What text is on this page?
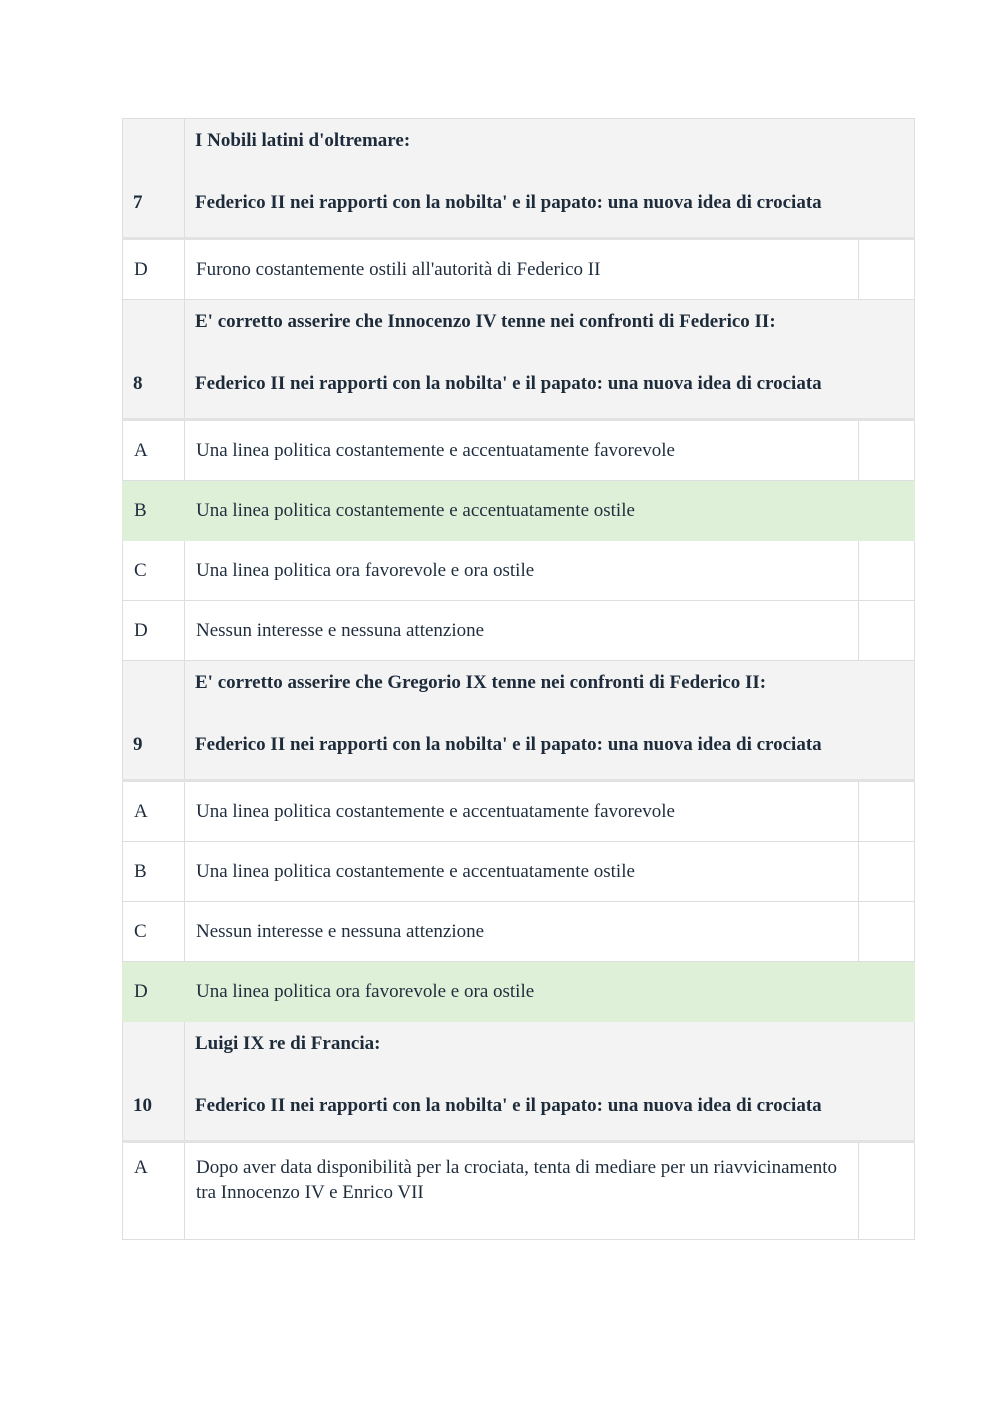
7	I Nobili latini d'oltremare:
Federico II nei rapporti con la nobilta' e il papato: una nuova idea di crociata	

D	Furono costantemente ostili all'autorità di Federico II	
8	E' corretto asserire che Innocenzo IV tenne nei confronti di Federico II:
Federico II nei rapporti con la nobilta' e il papato: una nuova idea di crociata	

A	Una linea politica costantemente e accentuatamente favorevole	
B	Una linea politica costantemente e accentuatamente ostile	
C	Una linea politica ora favorevole e ora ostile	
D	Nessun interesse e nessuna attenzione	
9	E' corretto asserire che Gregorio IX tenne nei confronti di Federico II:
Federico II nei rapporti con la nobilta' e il papato: una nuova idea di crociata	

A	Una linea politica costantemente e accentuatamente favorevole	
B	Una linea politica costantemente e accentuatamente ostile	
C	Nessun interesse e nessuna attenzione	
D	Una linea politica ora favorevole e ora ostile	
10	Luigi IX re di Francia:
Federico II nei rapporti con la nobilta' e il papato: una nuova idea di crociata	

A	Dopo aver data disponibilità per la crociata, tenta di mediare per un riavvicinamento tra Innocenzo IV e Enrico VII	
